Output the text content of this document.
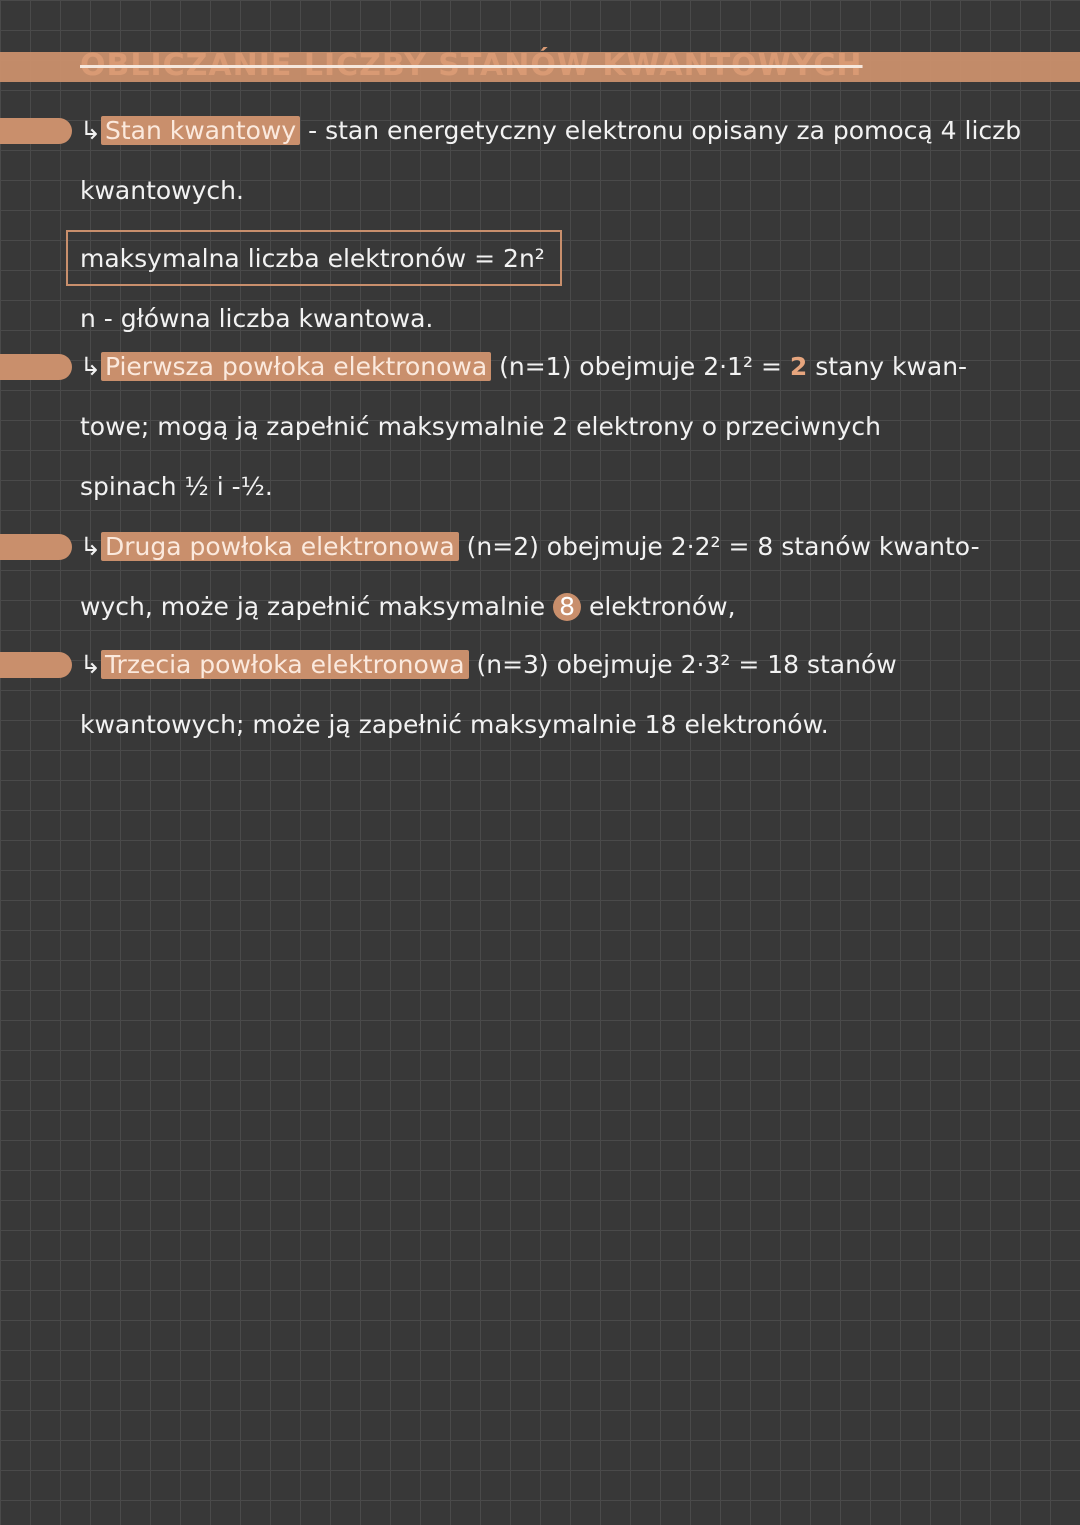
OBLICZANIE LICZBY STANÓW KWANTOWYCH
↳ Stan kwantowy - stan energetyczny elektronu opisany za pomocą 4 liczb
kwantowych.
maksymalna liczba elektronów = 2n²
n - główna liczba kwantowa.
↳ Pierwsza powłoka elektronowa (n=1) obejmuje 2·1² = 2 stany kwan-
towe; mogą ją zapełnić maksymalnie 2 elektrony o przeciwnych
spinach ½ i -½.
↳ Druga powłoka elektronowa (n=2) obejmuje 2·2² = 8 stanów kwanto-
wych, może ją zapełnić maksymalnie 8 elektronów,
↳ Trzecia powłoka elektronowa (n=3) obejmuje 2·3² = 18 stanów
kwantowych; może ją zapełnić maksymalnie 18 elektronów.
